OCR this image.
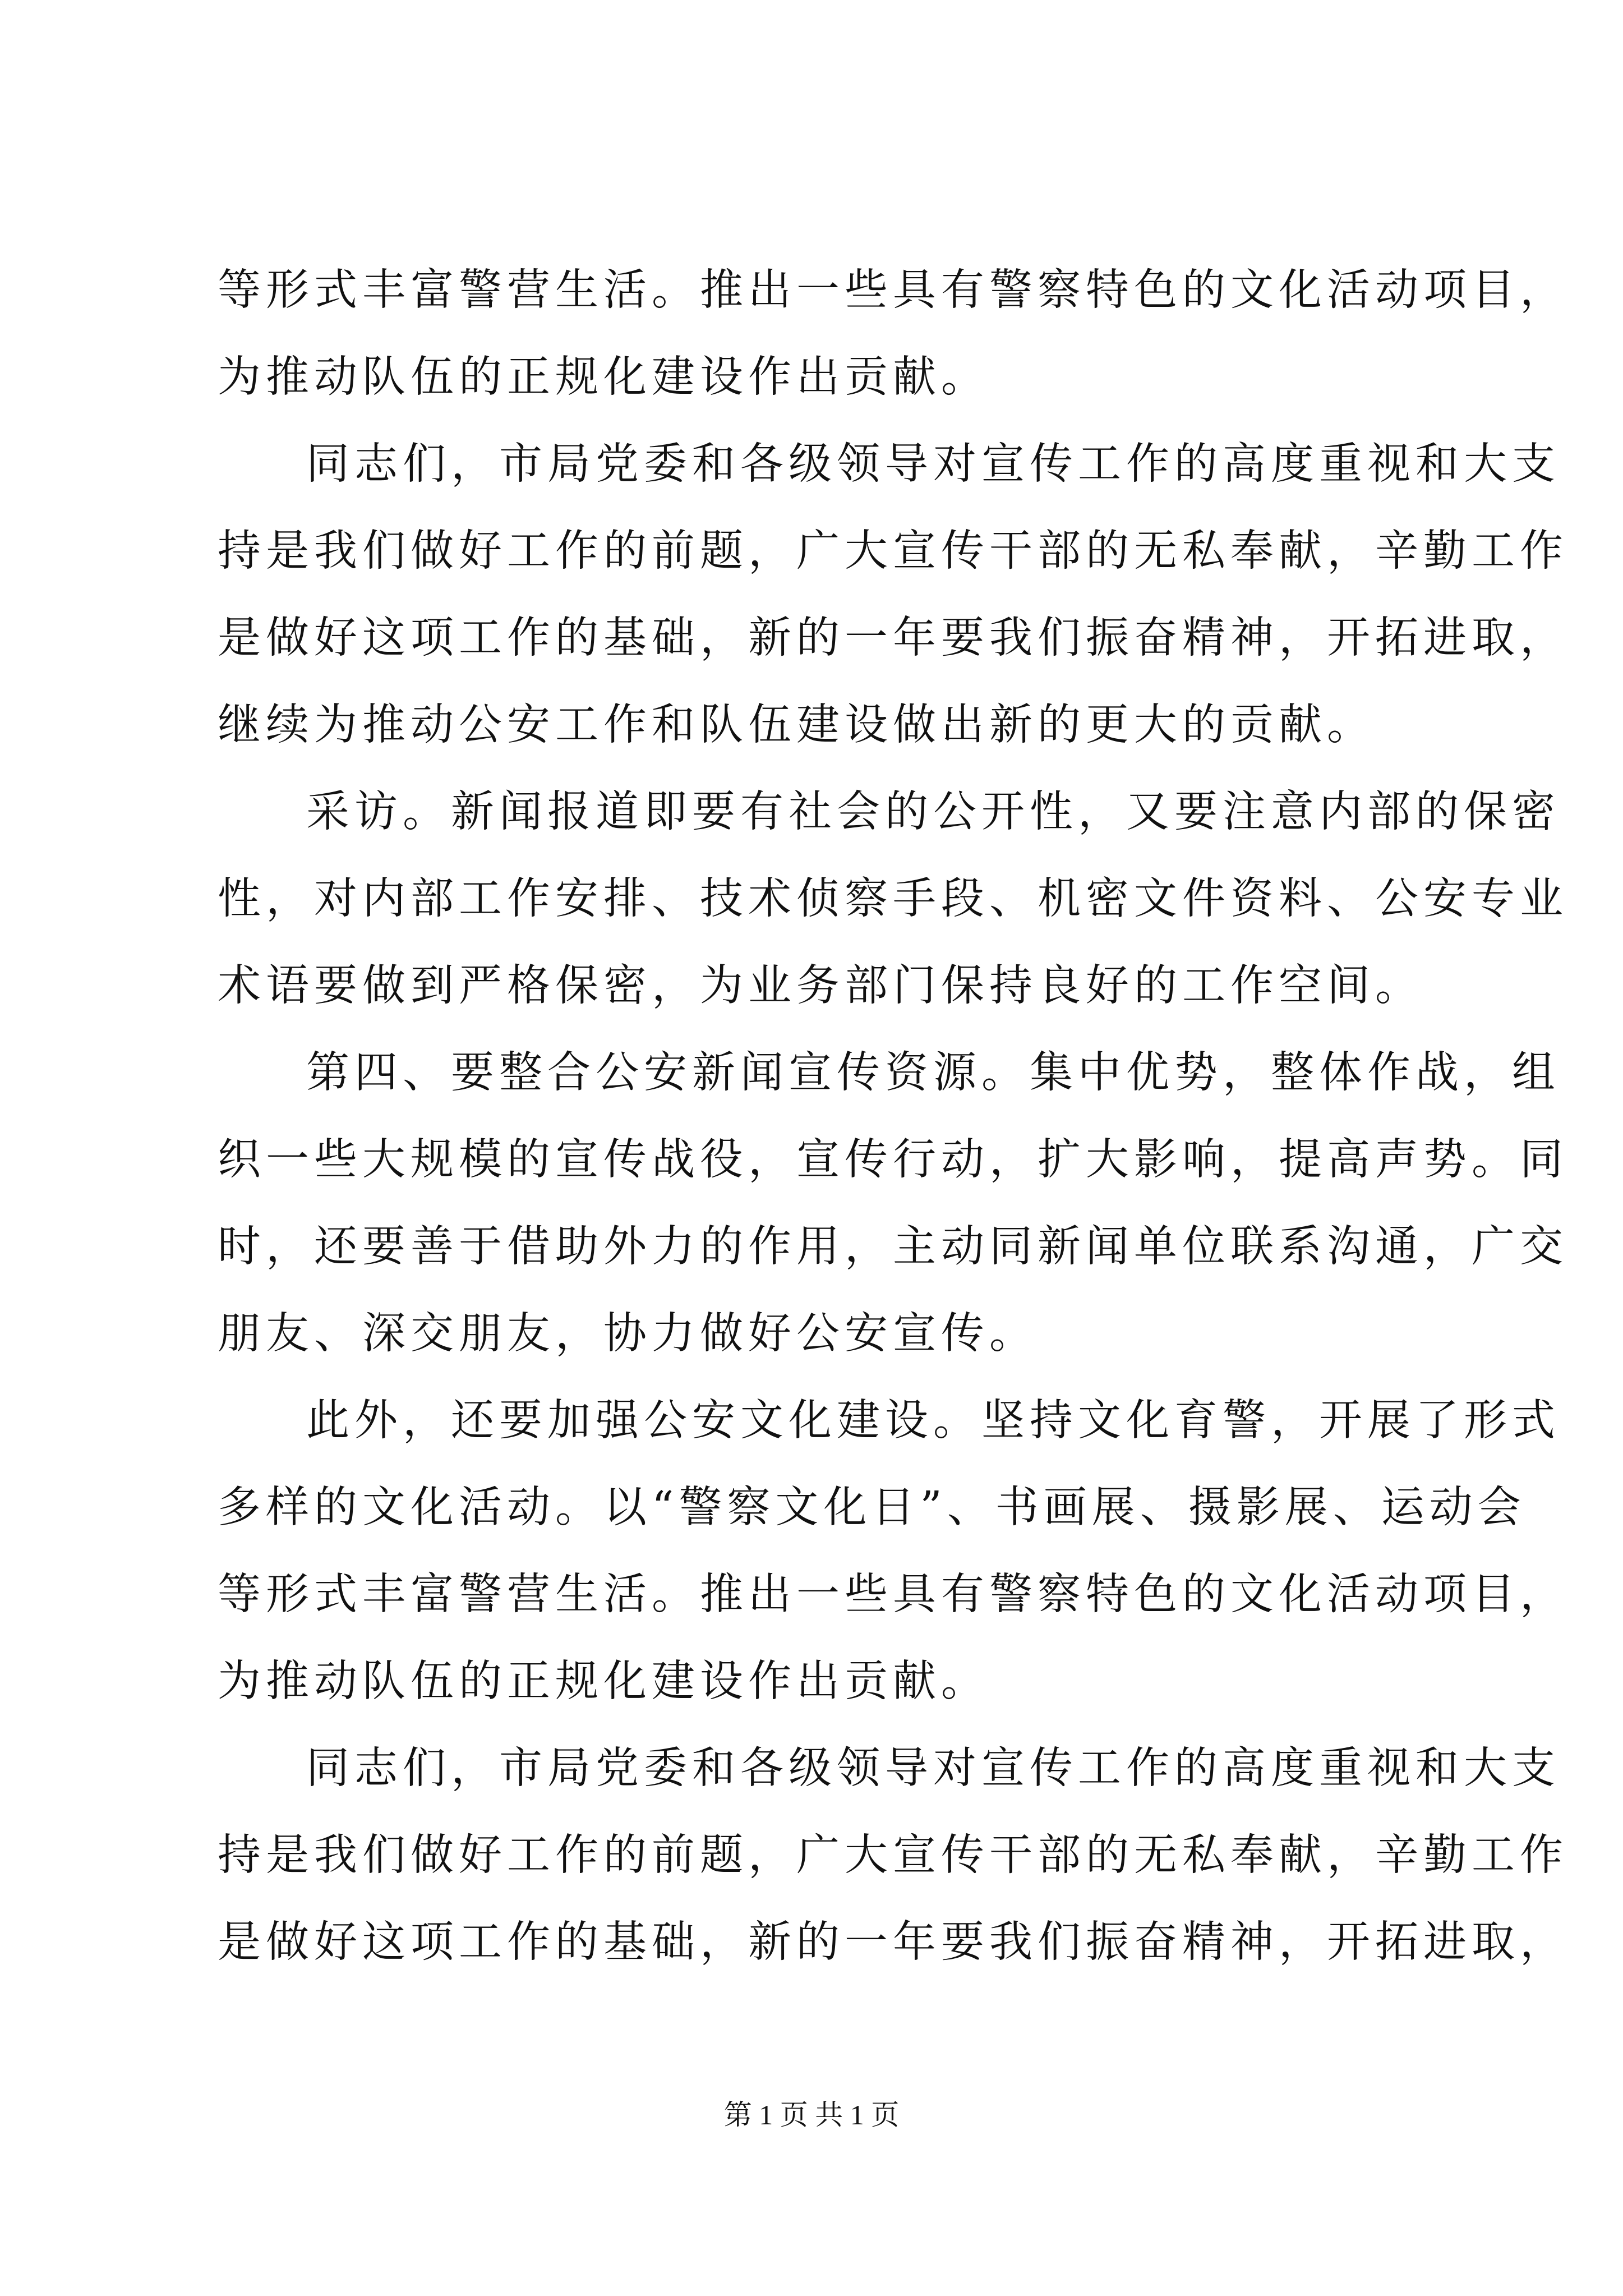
等形式丰富警营生活。推出一些具有警察特色的文化活动项目，
为推动队伍的正规化建设作出贡献。
同志们，市局党委和各级领导对宣传工作的高度重视和大支
持是我们做好工作的前题，广大宣传干部的无私奉献，辛勤工作
是做好这项工作的基础，新的一年要我们振奋精神，开拓进取，
继续为推动公安工作和队伍建设做出新的更大的贡献。
采访。新闻报道即要有社会的公开性，又要注意内部的保密
性，对内部工作安排、技术侦察手段、机密文件资料、公安专业
术语要做到严格保密，为业务部门保持良好的工作空间。
第四、要整合公安新闻宣传资源。集中优势，整体作战，组
织一些大规模的宣传战役，宣传行动，扩大影响，提高声势。同
时，还要善于借助外力的作用，主动同新闻单位联系沟通，广交
朋友、深交朋友，协力做好公安宣传。
此外，还要加强公安文化建设。坚持文化育警，开展了形式
多样的文化活动。以“警察文化日”、书画展、摄影展、运动会
等形式丰富警营生活。推出一些具有警察特色的文化活动项目，
为推动队伍的正规化建设作出贡献。
同志们，市局党委和各级领导对宣传工作的高度重视和大支
持是我们做好工作的前题，广大宣传干部的无私奉献，辛勤工作
是做好这项工作的基础，新的一年要我们振奋精神，开拓进取，
第 1 页 共 1 页
